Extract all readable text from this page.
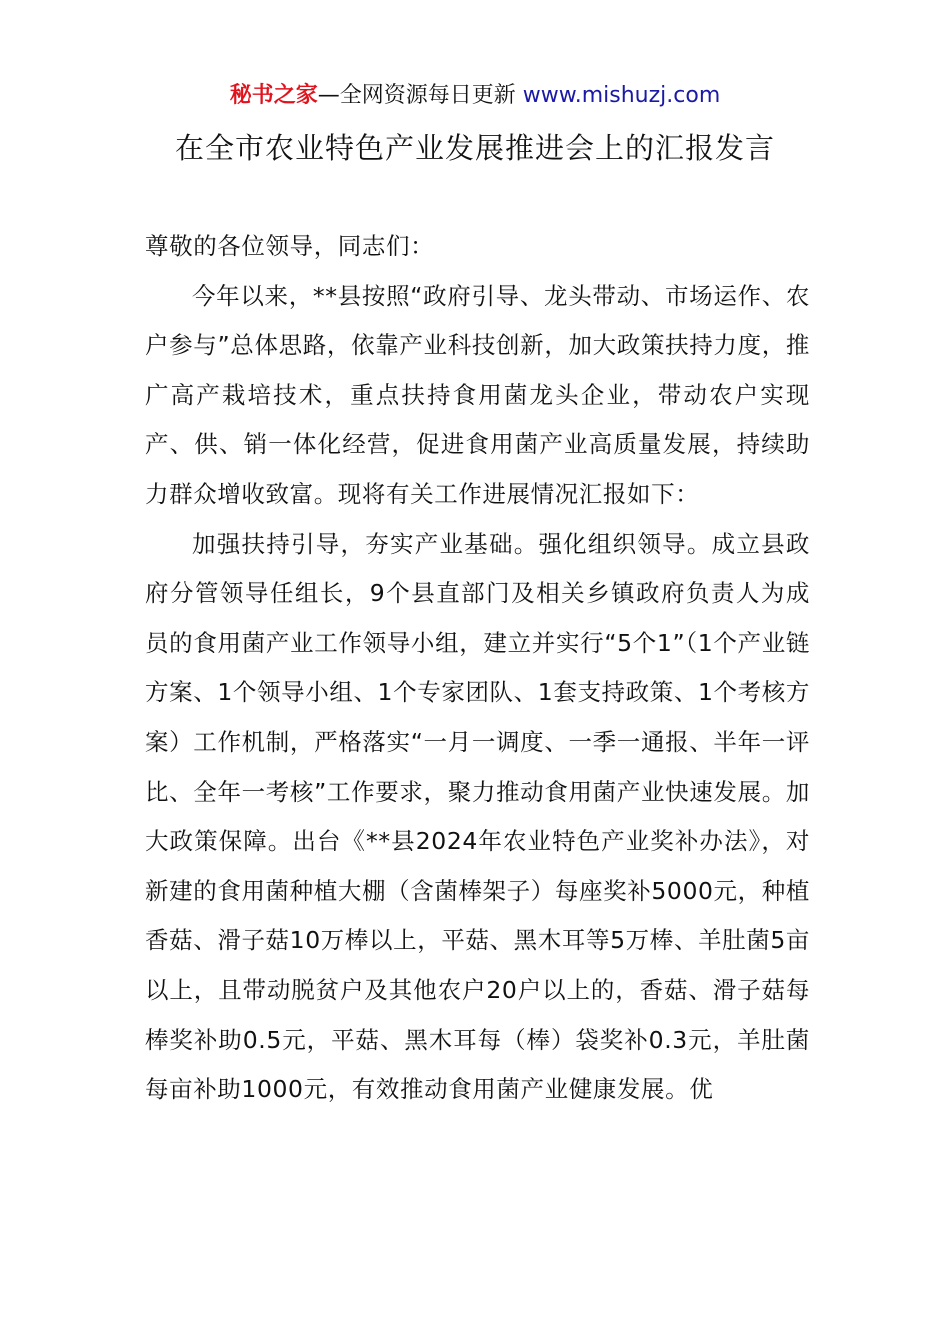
秘书之家—全网资源每日更新 www.mishuzj.com
在全市农业特色产业发展推进会上的汇报发言

尊敬的各位领导，同志们：

今年以来，**县按照“政府引导、龙头带动、市场运作、农户参与”总体思路，依靠产业科技创新，加大政策扶持力度，推广高产栽培技术，重点扶持食用菌龙头企业，带动农户实现产、供、销一体化经营，促进食用菌产业高质量发展，持续助力群众增收致富。现将有关工作进展情况汇报如下：

加强扶持引导，夯实产业基础。强化组织领导。成立县政府分管领导任组长，9个县直部门及相关乡镇政府负责人为成员的食用菌产业工作领导小组，建立并实行“5个1”（1个产业链方案、1个领导小组、1个专家团队、1套支持政策、1个考核方案）工作机制，严格落实“一月一调度、一季一通报、半年一评比、全年一考核”工作要求，聚力推动食用菌产业快速发展。加大政策保障。出台《**县2024年农业特色产业奖补办法》，对新建的食用菌种植大棚（含菌棒架子）每座奖补5000元，种植香菇、滑子菇10万棒以上，平菇、黑木耳等5万棒、羊肚菌5亩以上，且带动脱贫户及其他农户20户以上的，香菇、滑子菇每棒奖补助0.5元，平菇、黑木耳每（棒）袋奖补0.3元，羊肚菌每亩补助1000元，有效推动食用菌产业健康发展。优
